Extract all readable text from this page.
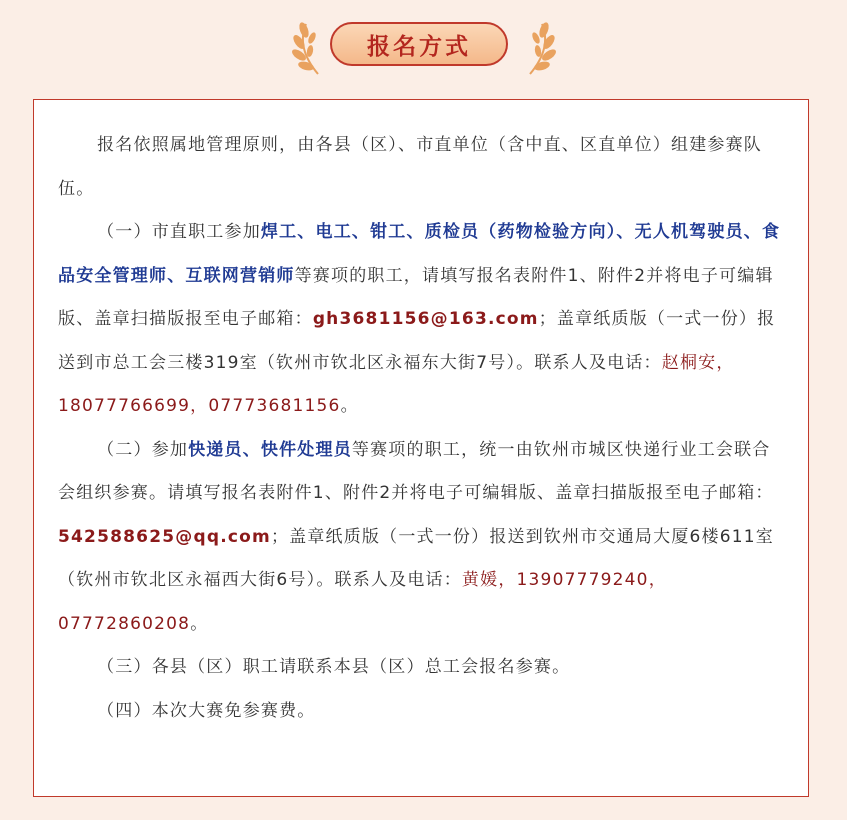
报名方式

报名依照属地管理原则，由各县（区）、市直单位（含中直、区直单位）组建参赛队伍。

（一）市直职工参加焊工、电工、钳工、质检员（药物检验方向）、无人机驾驶员、食品安全管理师、互联网营销师等赛项的职工，请填写报名表附件1、附件2并将电子可编辑版、盖章扫描版报至电子邮箱：gh3681156@163.com；盖章纸质版（一式一份）报送到市总工会三楼319室（钦州市钦北区永福东大街7号）。联系人及电话：赵桐安，18077766699，07773681156。

（二）参加快递员、快件处理员等赛项的职工，统一由钦州市城区快递行业工会联合会组织参赛。请填写报名表附件1、附件2并将电子可编辑版、盖章扫描版报至电子邮箱：542588625@qq.com；盖章纸质版（一式一份）报送到钦州市交通局大厦6楼611室（钦州市钦北区永福西大街6号）。联系人及电话：黄媛，13907779240，07772860208。

（三）各县（区）职工请联系本县（区）总工会报名参赛。

（四）本次大赛免参赛费。
